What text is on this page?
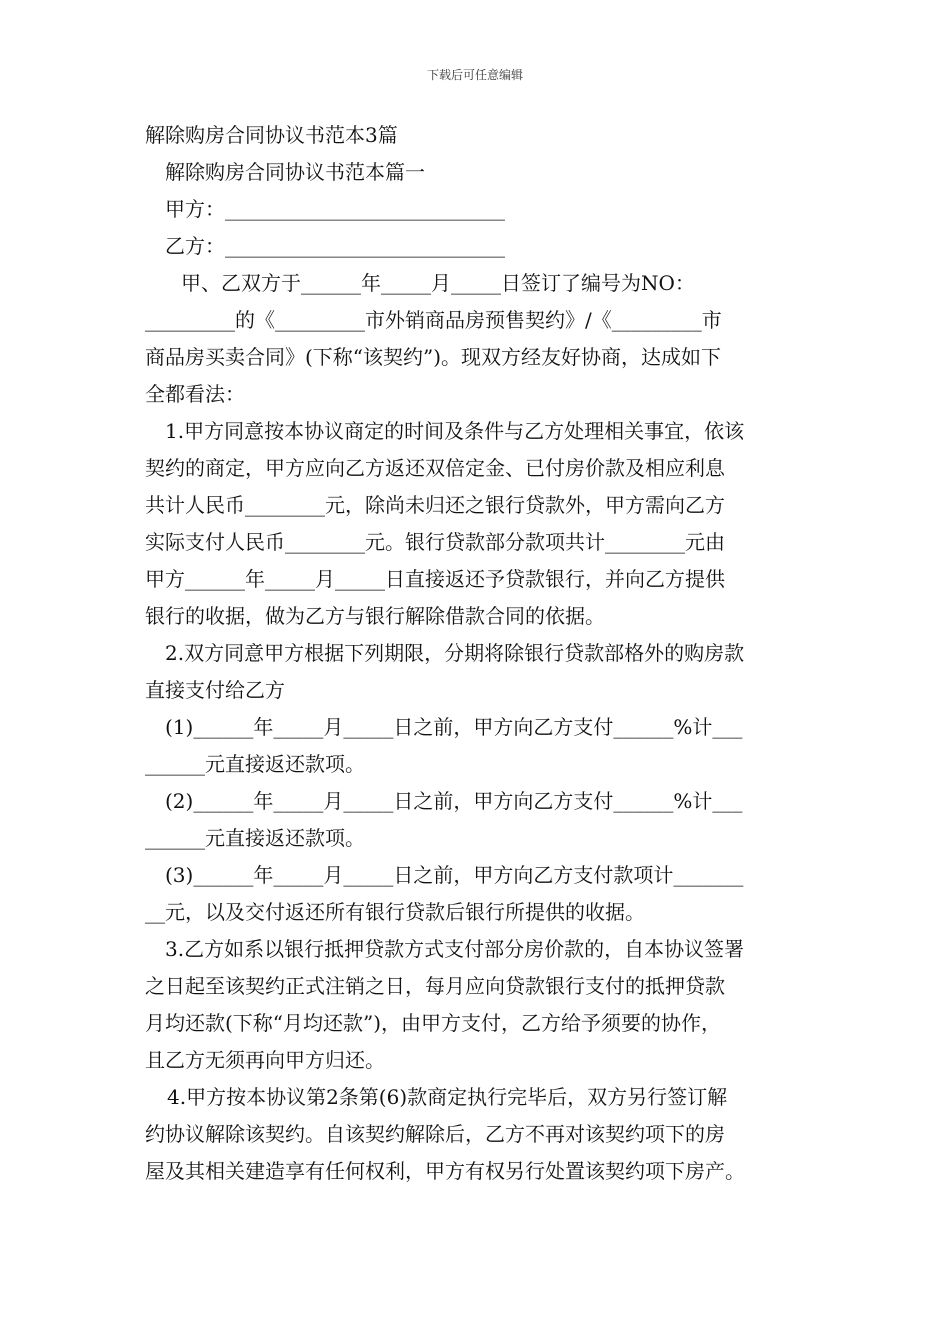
下载后可任意编辑
解除购房合同协议书范本3篇
解除购房合同协议书范本篇一
甲方：____________________________
乙方：____________________________
甲、乙双方于______年_____月_____日签订了编号为NO：
_________的《_________市外销商品房预售契约》/《_________市
商品房买卖合同》(下称“该契约”)。现双方经友好协商，达成如下
全都看法：
1.甲方同意按本协议商定的时间及条件与乙方处理相关事宜，依该
契约的商定，甲方应向乙方返还双倍定金、已付房价款及相应利息
共计人民币________元，除尚未归还之银行贷款外，甲方需向乙方
实际支付人民币________元。银行贷款部分款项共计________元由
甲方______年_____月_____日直接返还予贷款银行，并向乙方提供
银行的收据，做为乙方与银行解除借款合同的依据。
2.双方同意甲方根据下列期限，分期将除银行贷款部格外的购房款
直接支付给乙方
(1)______年_____月_____日之前，甲方向乙方支付______%计___
______元直接返还款项。
(2)______年_____月_____日之前，甲方向乙方支付______%计___
______元直接返还款项。
(3)______年_____月_____日之前，甲方向乙方支付款项计_______
__元，以及交付返还所有银行贷款后银行所提供的收据。
3.乙方如系以银行抵押贷款方式支付部分房价款的，自本协议签署
之日起至该契约正式注销之日，每月应向贷款银行支付的抵押贷款
月均还款(下称“月均还款”)，由甲方支付，乙方给予须要的协作，
且乙方无须再向甲方归还。
4.甲方按本协议第2条第(6)款商定执行完毕后，双方另行签订解
约协议解除该契约。自该契约解除后，乙方不再对该契约项下的房
屋及其相关建造享有任何权利，甲方有权另行处置该契约项下房产。
